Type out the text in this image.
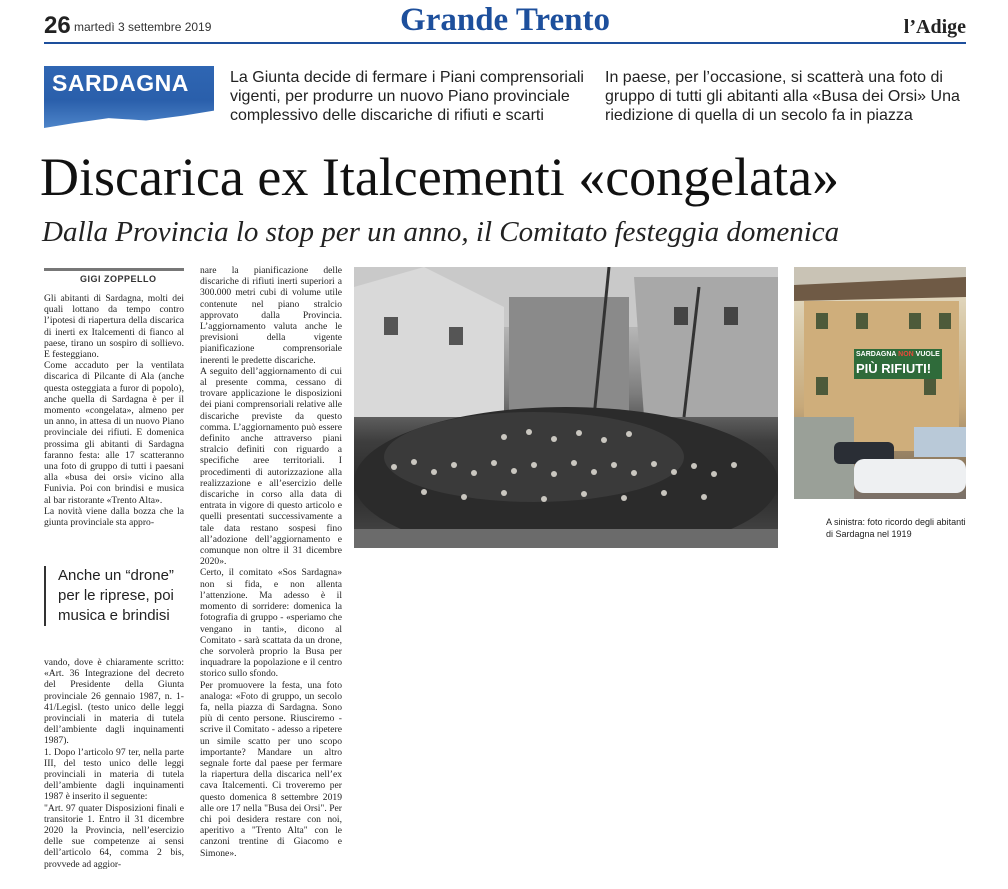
26 martedì 3 settembre 2019	Grande Trento	l’Adige
SARDAGNA	La Giunta decide di fermare i Piani comprensoriali vigenti, per produrre un nuovo Piano provinciale complessivo delle discariche di rifiuti e scarti
In paese, per l’occasione, si scatterà una foto di gruppo di tutti gli abitanti alla «Busa dei Orsi» Una riedizione di quella di un secolo fa in piazza
Discarica ex Italcementi «congelata»
Dalla Provincia lo stop per un anno, il Comitato festeggia domenica
GIGI ZOPPELLO

Gli abitanti di Sardagna, molti dei quali lottano da tempo contro l’ipotesi di riapertura della discarica di inerti ex Italcementi di fianco al paese, tirano un sospiro di sollievo. E festeggiano.

Come accaduto per la ventilata discarica di Pilcante di Ala (anche questa osteggiata a furor di popolo), anche quella di Sardagna è per il momento «congelata», almeno per un anno, in attesa di un nuovo Piano provinciale dei rifiuti. E domenica prossima gli abitanti di Sardagna faranno festa: alle 17 scatteranno una foto di gruppo di tutti i paesani alla «busa dei orsi» vicino alla Funivia. Poi con brindisi e musica al bar ristorante «Trento Alta».

La novità viene dalla bozza che la giunta provinciale sta appro-

Anche un “drone”
per le riprese, poi
musica e brindisi

vando, dove è chiaramente scritto: «Art. 36 Integrazione del decreto del Presidente della Giunta provinciale 26 gennaio 1987, n. 1-41/Legisl. (testo unico delle leggi provinciali in materia di tutela dell’ambiente dagli inquinamenti 1987).

1. Dopo l’articolo 97 ter, nella parte III, del testo unico delle leggi provinciali in materia di tutela dell’ambiente dagli inquinamenti 1987 è inserito il seguente:

"Art. 97 quater Disposizioni finali e transitorie 1. Entro il 31 dicembre 2020 la Provincia, nell’esercizio delle sue competenze ai sensi dell’articolo 64, comma 2 bis, provvede ad aggior-

nare la pianificazione delle discariche di rifiuti inerti superiori a 300.000 metri cubi di volume utile contenute nel piano stralcio approvato dalla Provincia. L’aggiornamento valuta anche le previsioni della vigente pianificazione comprensoriale inerenti le predette discariche.

A seguito dell’aggiornamento di cui al presente comma, cessano di trovare applicazione le disposizioni dei piani comprensoriali relative alle discariche previste da questo comma. L’aggiornamento può essere definito anche attraverso piani stralcio definiti con riguardo a specifiche aree territoriali. I procedimenti di autorizzazione alla realizzazione e all’esercizio delle discariche in corso alla data di entrata in vigore di questo articolo e quelli presentati successivamente a tale data restano sospesi fino all’adozione dell’aggiornamento e comunque non oltre il 31 dicembre 2020».

Certo, il comitato «Sos Sardagna» non si fida, e non allenta l’attenzione. Ma adesso è il momento di sorridere: domenica la fotografia di gruppo - «speriamo che vengano in tanti», dicono al Comitato - sarà scattata da un drone, che sorvolerà proprio la Busa per inquadrare la popolazione e il centro storico sullo sfondo.

Per promuovere la festa, una foto analoga: «Foto di gruppo, un secolo fa, nella piazza di Sardagna. Sono più di cento persone. Riusciremo - scrive il Comitato - adesso a ripetere un simile scatto per uno scopo importante? Mandare un altro segnale forte dal paese per fermare la riapertura della discarica nell’ex cava Italcementi. Ci troveremo per questo domenica 8 settembre 2019 alle ore 17 nella "Busa dei Orsi". Per chi poi desidera restare con noi, aperitivo a "Trento Alta" con le canzoni trentine di Giacomo e Simone».

SARDAGNA NON VUOLE
PIÙ RIFIUTI!
A sinistra: foto ricordo degli abitanti di Sardagna nel 1919
